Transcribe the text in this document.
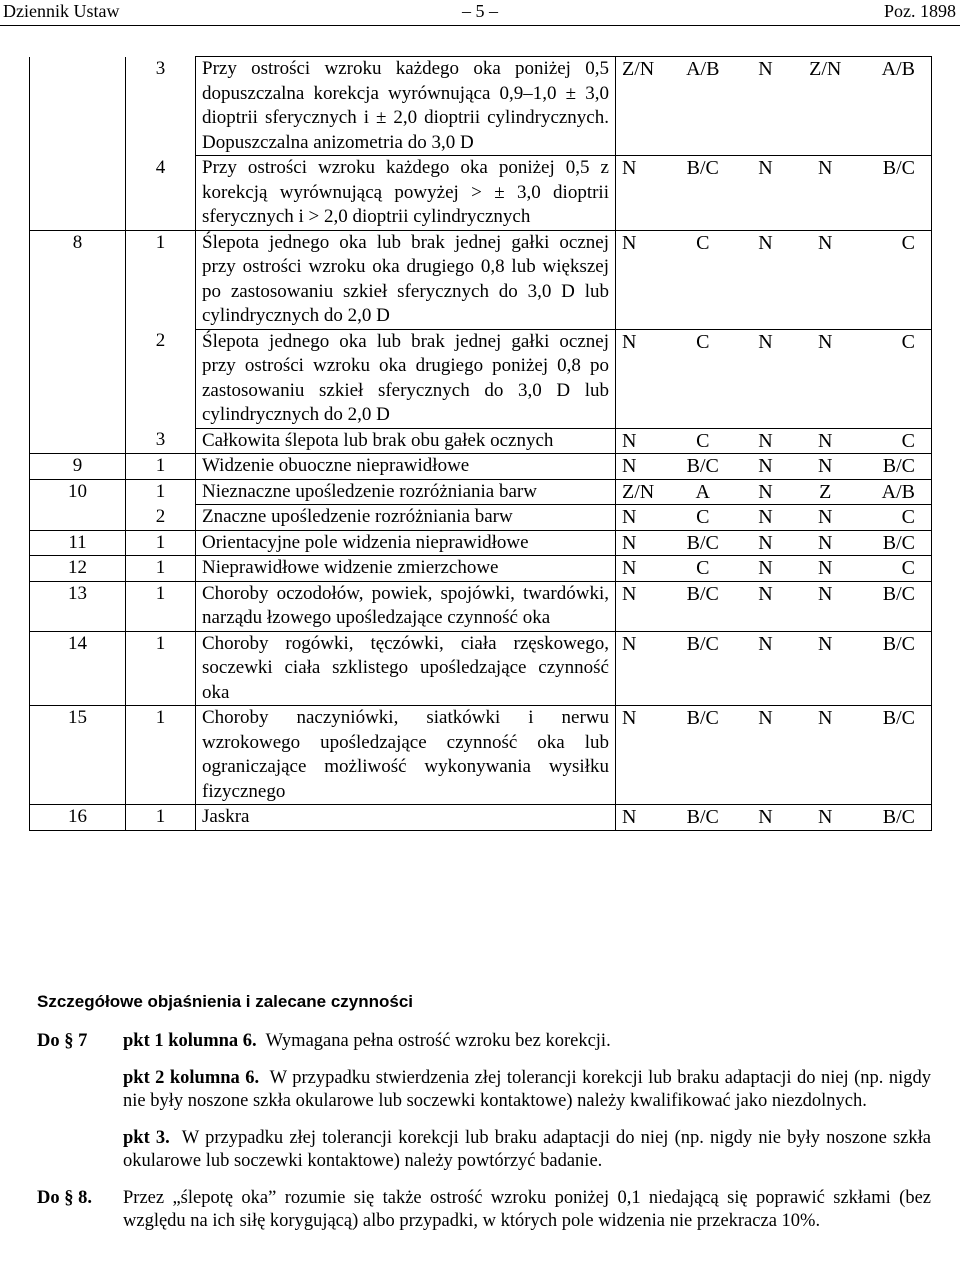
Dziennik Ustaw	– 5 –	Poz. 1898
	3	Przy ostrości wzroku każdego oka poniżej 0,5 dopuszczalna korekcja wyrównująca 0,9–1,0 ± 3,0 dioptrii sferycznych i ± 2,0 dioptrii cylindrycznych. Dopuszczalna anizometria do 3,0 D	Z/N A/B N Z/N A/B

	4	Przy ostrości wzroku każdego oka poniżej 0,5 z korekcją wyrównującą powyżej > ± 3,0 dioptrii sferycznych i > 2,0 dioptrii cylindrycznych	N B/C N N B/C

8	1	Ślepota jednego oka lub brak jednej gałki ocznej przy ostrości wzroku oka drugiego 0,8 lub większej po zastosowaniu szkieł sferycznych do 3,0 D lub cylindrycznych do 2,0 D	N C N N C

	2	Ślepota jednego oka lub brak jednej gałki ocznej przy ostrości wzroku oka drugiego poniżej 0,8 po zastosowaniu szkieł sferycznych do 3,0 D lub cylindrycznych do 2,0 D	N C N N C

	3	Całkowita ślepota lub brak obu gałek ocznych	N C N N C

9	1	Widzenie obuoczne nieprawidłowe	N B/C N N B/C

10	1	Nieznaczne upośledzenie rozróżniania barw	Z/N A N Z A/B

	2	Znaczne upośledzenie rozróżniania barw	N C N N C

11	1	Orientacyjne pole widzenia nieprawidłowe	N B/C N N B/C

12	1	Nieprawidłowe widzenie zmierzchowe	N C N N C

13	1	Choroby oczodołów, powiek, spojówki, twardówki, narządu łzowego upośledzające czynność oka	N B/C N N B/C

14	1	Choroby rogówki, tęczówki, ciała rzęskowego, soczewki ciała szklistego upośledzające czynność oka	N B/C N N B/C

15	1	Choroby naczyniówki, siatkówki i nerwu wzrokowego upośledzające czynność oka lub ograniczające możliwość wykonywania wysiłku fizycznego	N B/C N N B/C

16	1	Jaskra	N B/C N N B/C
Szczegółowe objaśnienia i zalecane czynności
Do § 7	pkt 1 kolumna 6. Wymagana pełna ostrość wzroku bez korekcji.
pkt 2 kolumna 6. W przypadku stwierdzenia złej tolerancji korekcji lub braku adaptacji do niej (np. nigdy nie były noszone szkła okularowe lub soczewki kontaktowe) należy kwalifikować jako niezdolnych.
pkt 3. W przypadku złej tolerancji korekcji lub braku adaptacji do niej (np. nigdy nie były noszone szkła okularowe lub soczewki kontaktowe) należy powtórzyć badanie.
Do § 8.	Przez „ślepotę oka” rozumie się także ostrość wzroku poniżej 0,1 niedającą się poprawić szkłami (bez względu na ich siłę korygującą) albo przypadki, w których pole widzenia nie przekracza 10%.
